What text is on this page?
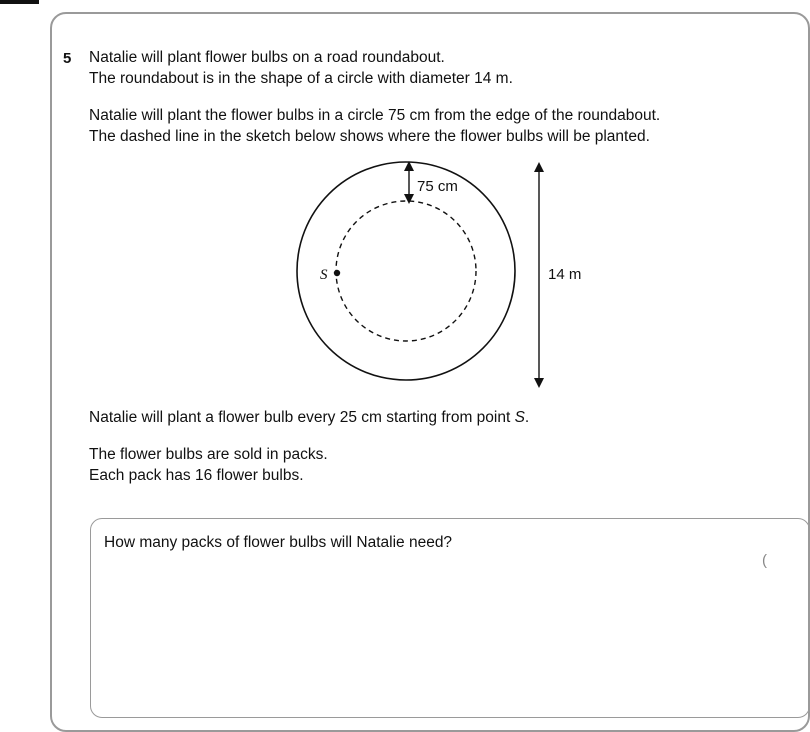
5 Natalie will plant flower bulbs on a road roundabout.
The roundabout is in the shape of a circle with diameter 14 m.
Natalie will plant the flower bulbs in a circle 75 cm from the edge of the roundabout.
The dashed line in the sketch below shows where the flower bulbs will be planted.
75 cm
S	14 m
Natalie will plant a flower bulb every 25 cm starting from point S.
The flower bulbs are sold in packs.
Each pack has 16 flower bulbs.
How many packs of flower bulbs will Natalie need?
(
